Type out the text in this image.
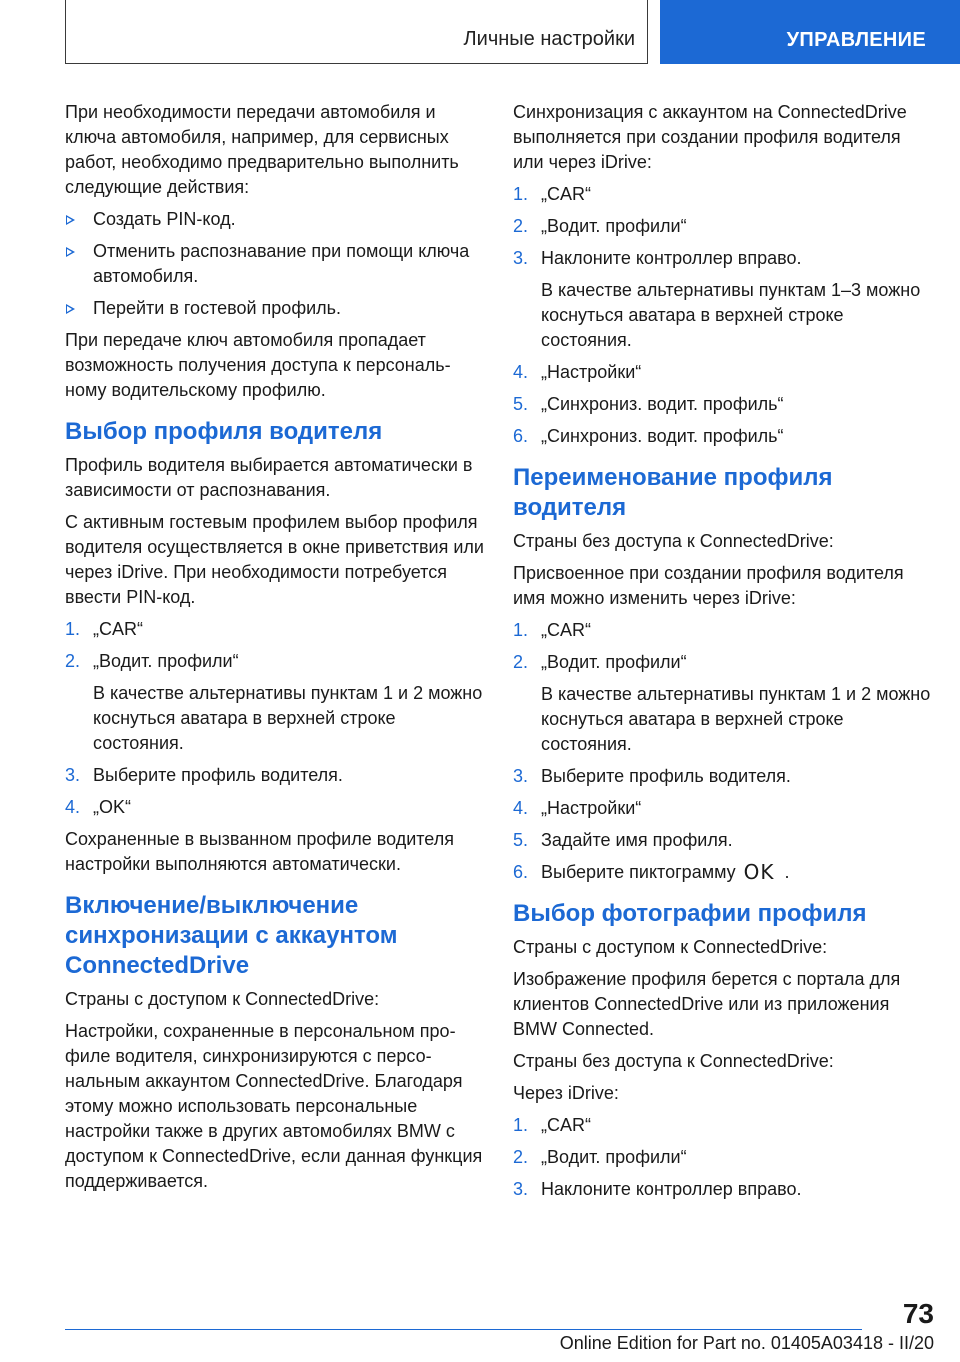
Личные настройки	УПРАВЛЕНИЕ

При необходимости передачи автомобиля и ключа автомобиля, например, для сервисных работ, необходимо предварительно выполнить следующие действия:

Создать PIN-код.
Отменить распознавание при помощи ключа автомобиля.
Перейти в гостевой профиль.

При передаче ключ автомобиля пропадает возможность получения доступа к персональному водительскому профилю.

Выбор профиля водителя

Профиль водителя выбирается автоматически в зависимости от распознавания.

С активным гостевым профилем выбор профиля водителя осуществляется в окне приветствия или через iDrive. При необходимости потребуется ввести PIN-код.

1. „CAR“
2. „Водит. профили“
В качестве альтернативы пунктам 1 и 2 можно коснуться аватара в верхней строке состояния.
3. Выберите профиль водителя.
4. „OK“

Сохраненные в вызванном профиле водителя настройки выполняются автоматически.

Включение/выключение синхронизации с аккаунтом ConnectedDrive

Страны с доступом к ConnectedDrive:

Настройки, сохраненные в персональном профиле водителя, синхронизируются с персональным аккаунтом ConnectedDrive. Благодаря этому можно использовать персональные настройки также в других автомобилях BMW с доступом к ConnectedDrive, если данная функция поддерживается.

Синхронизация с аккаунтом на ConnectedDrive выполняется при создании профиля водителя или через iDrive:

1. „CAR“
2. „Водит. профили“
3. Наклоните контроллер вправо.
В качестве альтернативы пунктам 1–3 можно коснуться аватара в верхней строке состояния.
4. „Настройки“
5. „Синхрониз. водит. профиль“
6. „Синхрониз. водит. профиль“
Переименование профиля водителя

Страны без доступа к ConnectedDrive:

Присвоенное при создании профиля водителя имя можно изменить через iDrive:

1. „CAR“
2. „Водит. профили“
В качестве альтернативы пунктам 1 и 2 можно коснуться аватара в верхней строке состояния.
3. Выберите профиль водителя.
4. „Настройки“
5. Задайте имя профиля.
6. Выберите пиктограмму OK .
Выбор фотографии профиля

Страны с доступом к ConnectedDrive:

Изображение профиля берется с портала для клиентов ConnectedDrive или из приложения BMW Connected.

Страны без доступа к ConnectedDrive:

Через iDrive:

1. „CAR“
2. „Водит. профили“
3. Наклоните контроллер вправо.
73
Online Edition for Part no. 01405A03418 - II/20
